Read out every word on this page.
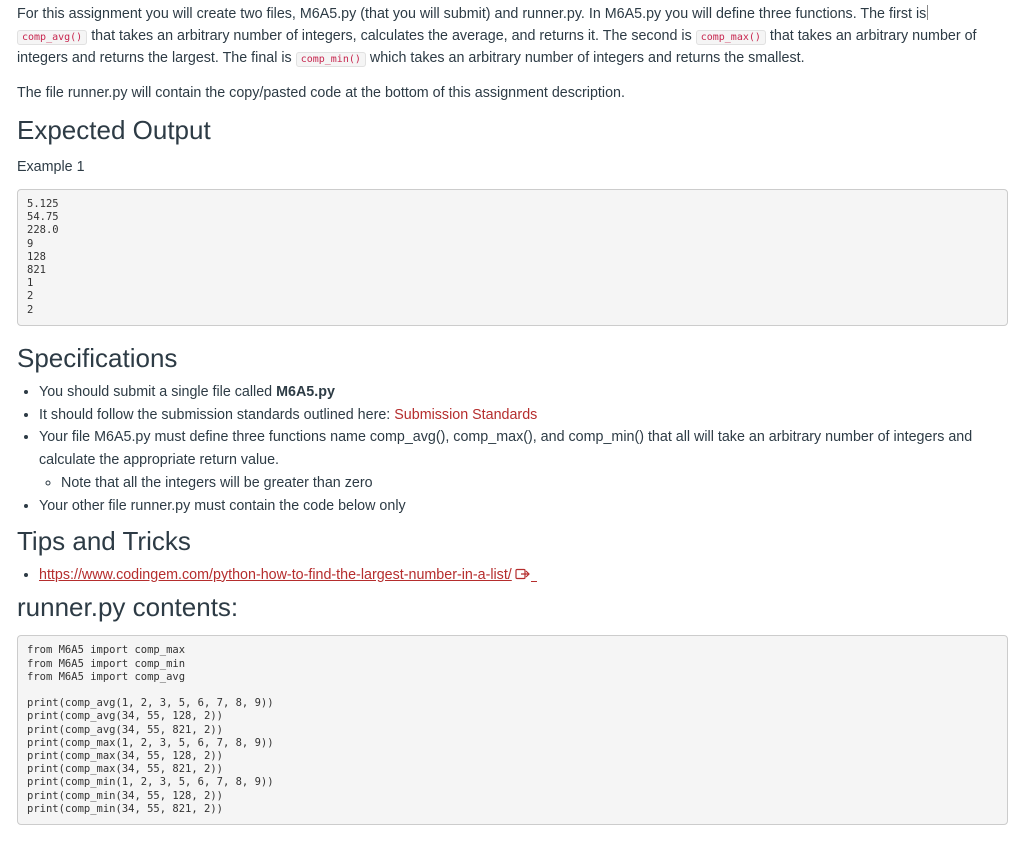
For this assignment you will create two files, M6A5.py (that you will submit) and runner.py. In M6A5.py you will define three functions. The first is
comp_avg() that takes an arbitrary number of integers, calculates the average, and returns it. The second is comp_max() that takes an arbitrary number of integers and returns the largest. The final is comp_min() which takes an arbitrary number of integers and returns the smallest.

The file runner.py will contain the copy/pasted code at the bottom of this assignment description.

Expected Output

Example 1

5.125
54.75
228.0
9
128
821
1
2
2
Specifications
• You should submit a single file called M6A5.py
• It should follow the submission standards outlined here: Submission Standards
• Your file M6A5.py must define three functions name comp_avg(), comp_max(), and comp_min() that all will take an arbitrary number of integers and calculate the appropriate return value.
◦ Note that all the integers will be greater than zero
• Your other file runner.py must contain the code below only
Tips and Tricks
• https://www.codingem.com/python-how-to-find-the-largest-number-in-a-list/
runner.py contents:
from M6A5 import comp_max
from M6A5 import comp_min
from M6A5 import comp_avg

print(comp_avg(1, 2, 3, 5, 6, 7, 8, 9))
print(comp_avg(34, 55, 128, 2))
print(comp_avg(34, 55, 821, 2))
print(comp_max(1, 2, 3, 5, 6, 7, 8, 9))
print(comp_max(34, 55, 128, 2))
print(comp_max(34, 55, 821, 2))
print(comp_min(1, 2, 3, 5, 6, 7, 8, 9))
print(comp_min(34, 55, 128, 2))
print(comp_min(34, 55, 821, 2))
